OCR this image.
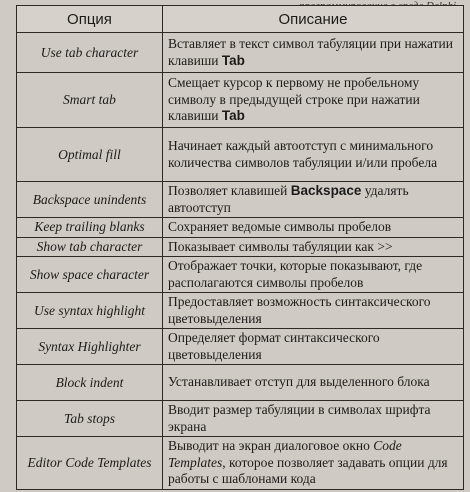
Опция	Описание
Use tab character	Вставляет в текст символ табуляции при нажатии клавиши Tab
Smart tab	Смещает курсор к первому не пробельному символу в предыдущей строке при нажатии клавиши Tab
Optimal fill	Начинает каждый автоотступ с минимального количества символов табуляции и/или пробела
Backspace unindents	Позволяет клавишей Backspace удалять автоотступ
Keep trailing blanks	Сохраняет ведомые символы пробелов
Show tab character	Показывает символы табуляции как >>
Show space character	Отображает точки, которые показывают, где располагаются символы пробелов
Use syntax highlight	Предоставляет возможность синтаксического цветовыделения
Syntax Highlighter	Определяет формат синтаксического цветовыделения
Block indent	Устанавливает отступ для выделенного блока
Tab stops	Вводит размер табуляции в символах шрифта экрана
Editor Code Templates	Выводит на экран диалоговое окно Code Templates, которое позволяет задавать опции для работы с шаблонами кода
